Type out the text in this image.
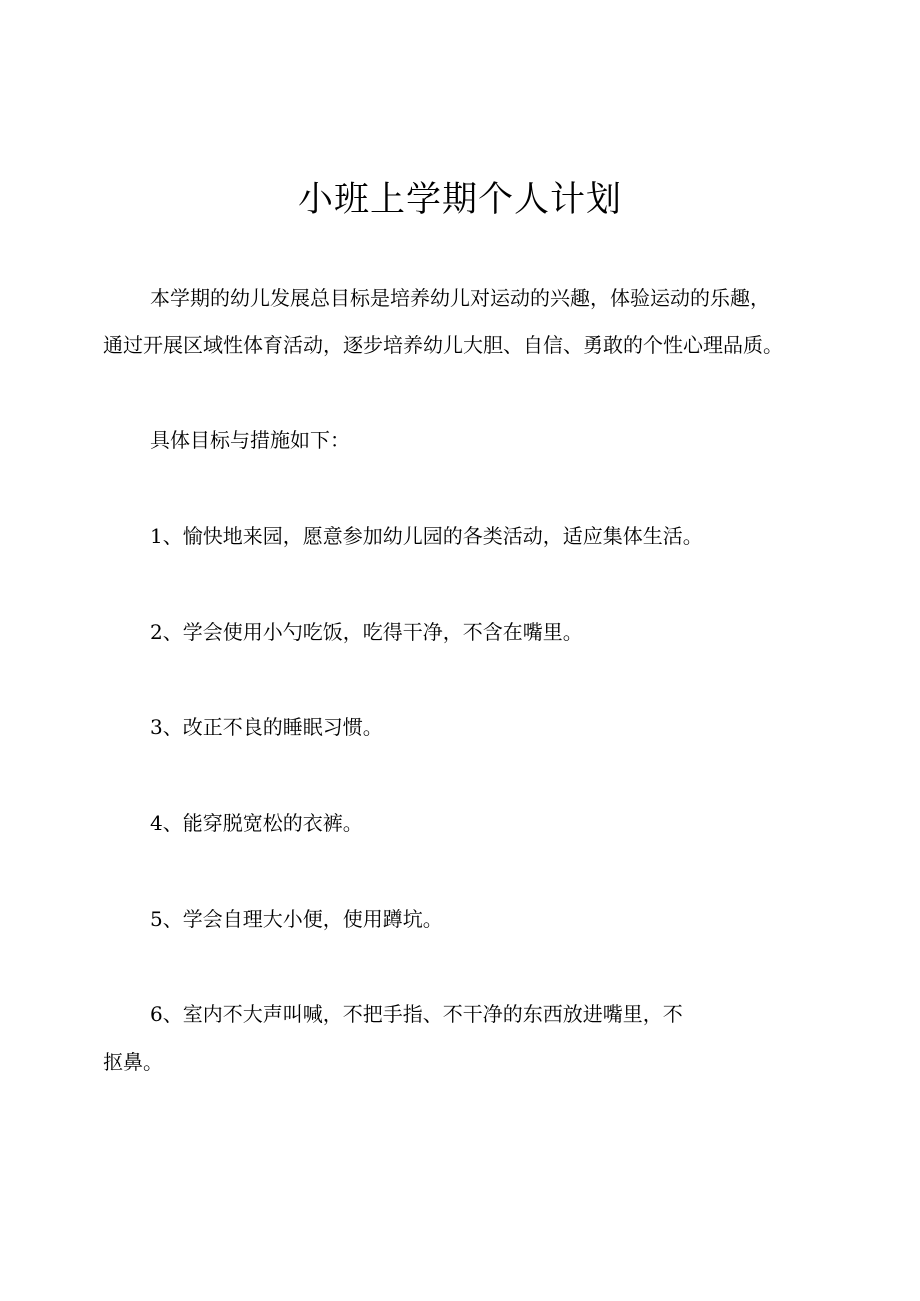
小班上学期个人计划
本学期的幼儿发展总目标是培养幼儿对运动的兴趣，体验运动的乐趣，
通过开展区域性体育活动，逐步培养幼儿大胆、自信、勇敢的个性心理品质。
具体目标与措施如下：
1、愉快地来园，愿意参加幼儿园的各类活动，适应集体生活。
2、学会使用小勺吃饭，吃得干净，不含在嘴里。
3、改正不良的睡眠习惯。
4、能穿脱宽松的衣裤。
5、学会自理大小便，使用蹲坑。
6、室内不大声叫喊，不把手指、不干净的东西放进嘴里，不
抠鼻。
